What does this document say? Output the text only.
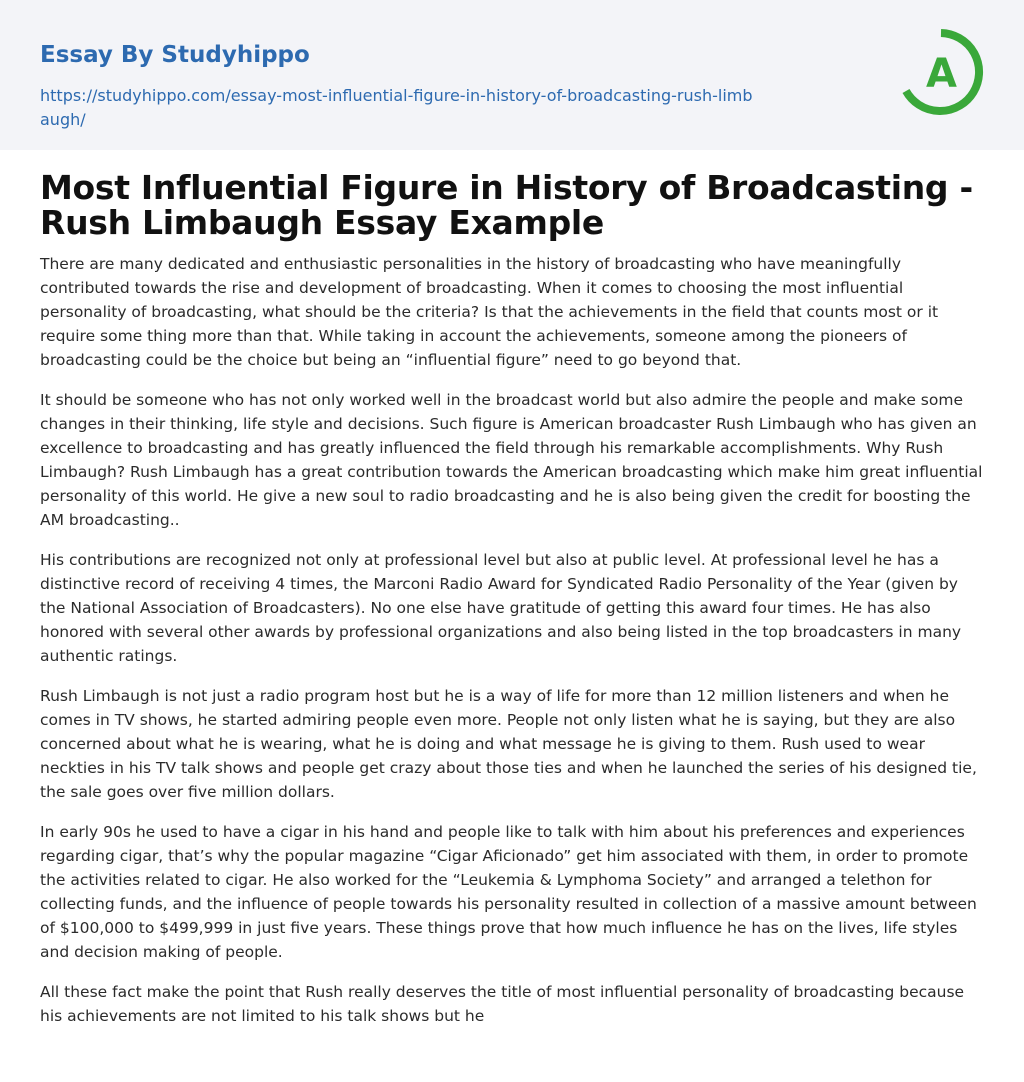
Essay By Studyhippo
https://studyhippo.com/essay-most-influential-figure-in-history-of-broadcasting-rush-limbaugh/
A
Most Influential Figure in History of Broadcasting - Rush Limbaugh Essay Example

There are many dedicated and enthusiastic personalities in the history of broadcasting who have meaningfully contributed towards the rise and development of broadcasting. When it comes to choosing the most influential personality of broadcasting, what should be the criteria? Is that the achievements in the field that counts most or it require some thing more than that. While taking in account the achievements, someone among the pioneers of broadcasting could be the choice but being an “influential figure” need to go beyond that.

It should be someone who has not only worked well in the broadcast world but also admire the people and make some changes in their thinking, life style and decisions. Such figure is American broadcaster Rush Limbaugh who has given an excellence to broadcasting and has greatly influenced the field through his remarkable accomplishments. Why Rush Limbaugh? Rush Limbaugh has a great contribution towards the American broadcasting which make him great influential personality of this world. He give a new soul to radio broadcasting and he is also being given the credit for boosting the AM broadcasting..

His contributions are recognized not only at professional level but also at public level. At professional level he has a distinctive record of receiving 4 times, the Marconi Radio Award for Syndicated Radio Personality of the Year (given by the National Association of Broadcasters). No one else have gratitude of getting this award four times. He has also honored with several other awards by professional organizations and also being listed in the top broadcasters in many authentic ratings.

Rush Limbaugh is not just a radio program host but he is a way of life for more than 12 million listeners and when he comes in TV shows, he started admiring people even more. People not only listen what he is saying, but they are also concerned about what he is wearing, what he is doing and what message he is giving to them. Rush used to wear neckties in his TV talk shows and people get crazy about those ties and when he launched the series of his designed tie, the sale goes over five million dollars.

In early 90s he used to have a cigar in his hand and people like to talk with him about his preferences and experiences regarding cigar, that’s why the popular magazine “Cigar Aficionado” get him associated with them, in order to promote the activities related to cigar. He also worked for the “Leukemia & Lymphoma Society” and arranged a telethon for collecting funds, and the influence of people towards his personality resulted in collection of a massive amount between of $100,000 to $499,999 in just five years. These things prove that how much influence he has on the lives, life styles and decision making of people.

All these fact make the point that Rush really deserves the title of most influential personality of broadcasting because his achievements are not limited to his talk shows but he
